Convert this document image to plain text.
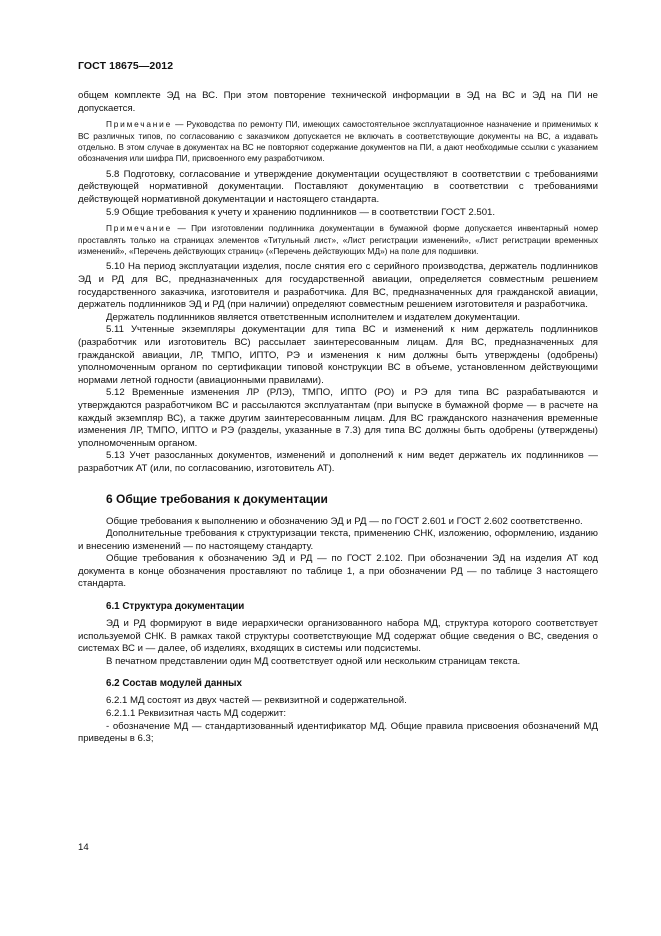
ГОСТ 18675—2012

общем комплекте ЭД на ВС. При этом повторение технической информации в ЭД на ВС и ЭД на ПИ не допускается.

Примечание — Руководства по ремонту ПИ, имеющих самостоятельное эксплуатационное назначение и применимых к ВС различных типов, по согласованию с заказчиком допускается не включать в соответствующие документы на ВС, а издавать отдельно. В этом случае в документах на ВС не повторяют содержание документов на ПИ, а дают необходимые ссылки с указанием обозначения или шифра ПИ, присвоенного ему разработчиком.

5.8 Подготовку, согласование и утверждение документации осуществляют в соответствии с требованиями действующей нормативной документации. Поставляют документацию в соответствии с требованиями действующей нормативной документации и настоящего стандарта.

5.9 Общие требования к учету и хранению подлинников — в соответствии ГОСТ 2.501.

Примечание — При изготовлении подлинника документации в бумажной форме допускается инвентарный номер проставлять только на страницах элементов «Титульный лист», «Лист регистрации изменений», «Лист регистрации временных изменений», «Перечень действующих страниц» («Перечень действующих МД») на поле для подшивки.

5.10 На период эксплуатации изделия, после снятия его с серийного производства, держатель подлинников ЭД и РД для ВС, предназначенных для государственной авиации, определяется совместным решением государственного заказчика, изготовителя и разработчика. Для ВС, предназначенных для гражданской авиации, держатель подлинников ЭД и РД (при наличии) определяют совместным решением изготовителя и разработчика.

Держатель подлинников является ответственным исполнителем и издателем документации.

5.11 Учтенные экземпляры документации для типа ВС и изменений к ним держатель подлинников (разработчик или изготовитель ВС) рассылает заинтересованным лицам. Для ВС, предназначенных для гражданской авиации, ЛР, ТМПО, ИПТО, РЭ и изменения к ним должны быть утверждены (одобрены) уполномоченным органом по сертификации типовой конструкции ВС в объеме, установленном действующими нормами летной годности (авиационными правилами).

5.12 Временные изменения ЛР (РЛЭ), ТМПО, ИПТО (РО) и РЭ для типа ВС разрабатываются и утверждаются разработчиком ВС и рассылаются эксплуатантам (при выпуске в бумажной форме — в расчете на каждый экземпляр ВС), а также другим заинтересованным лицам. Для ВС гражданского назначения временные изменения ЛР, ТМПО, ИПТО и РЭ (разделы, указанные в 7.3) для типа ВС должны быть одобрены (утверждены) уполномоченным органом.

5.13 Учет разосланных документов, изменений и дополнений к ним ведет держатель их подлинников — разработчик АТ (или, по согласованию, изготовитель АТ).

6 Общие требования к документации

Общие требования к выполнению и обозначению ЭД и РД — по ГОСТ 2.601 и ГОСТ 2.602 соответственно.

Дополнительные требования к структуризации текста, применению СНК, изложению, оформлению, изданию и внесению изменений — по настоящему стандарту.

Общие требования к обозначению ЭД и РД — по ГОСТ 2.102. При обозначении ЭД на изделия АТ код документа в конце обозначения проставляют по таблице 1, а при обозначении РД — по таблице 3 настоящего стандарта.

6.1 Структура документации

ЭД и РД формируют в виде иерархически организованного набора МД, структура которого соответствует используемой СНК. В рамках такой структуры соответствующие МД содержат общие сведения о ВС, сведения о системах ВС и — далее, об изделиях, входящих в системы или подсистемы.

В печатном представлении один МД соответствует одной или нескольким страницам текста.

6.2 Состав модулей данных

6.2.1 МД состоят из двух частей — реквизитной и содержательной.

6.2.1.1 Реквизитная часть МД содержит:

- обозначение МД — стандартизованный идентификатор МД. Общие правила присвоения обозначений МД приведены в 6.3;

14
